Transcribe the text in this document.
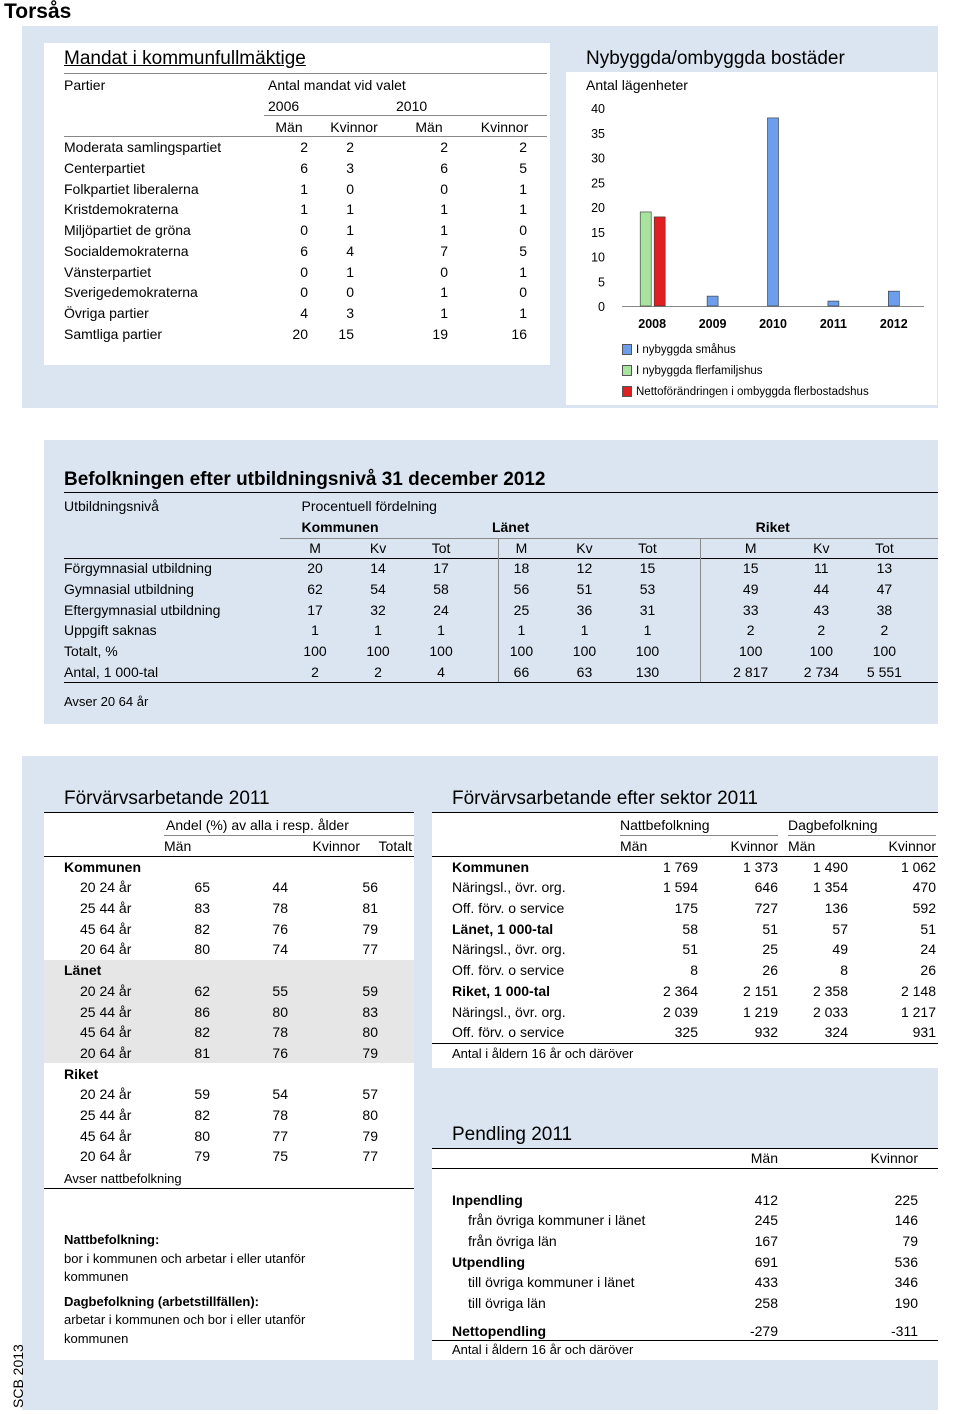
Torsås
Mandat i kommunfullmäktige
Partier	Antal mandat vid valet			
	2006		2010	
	Män	Kvinnor	Män	Kvinnor
Moderata samlingspartiet	2	2	2	2
Centerpartiet	6	3	6	5
Folkpartiet liberalerna	1	0	0	1
Kristdemokraterna	1	1	1	1
Miljöpartiet de gröna	0	1	1	0
Socialdemokraterna	6	4	7	5
Vänsterpartiet	0	1	0	1
Sverigedemokraterna	0	0	1	0
Övriga partier	4	3	1	1
Samtliga partier	20	15	19	16
Nybyggda/ombyggda bostäder
Antal lägenheter
0
5
10
15
20
25
30
35
40
2008	2009	2010	2011	2012
I nybyggda småhus
I nybyggda flerfamiljshus
Nettoförändringen i ombyggda flerbostadshus
Befolkningen efter utbildningsnivå 31 december 2012
Utbildningsnivå	Procentuell fördelning										
	Kommunen				Länet				Riket		
	M	Kv	Tot		M	Kv	Tot		M	Kv	Tot
Förgymnasial utbildning	20	14	17		18	12	15		15	11	13
Gymnasial utbildning	62	54	58		56	51	53		49	44	47
Eftergymnasial utbildning	17	32	24		25	36	31		33	43	38
Uppgift saknas	1	1	1		1	1	1		2	2	2
Totalt, %	100	100	100		100	100	100		100	100	100
Antal, 1 000-tal	2	2	4		66	63	130		2 817	2 734	5 551
Avser 20 64 år
Förvärvsarbetande 2011
	Andel (%) av alla i resp. ålder			
	Män		Kvinnor	Totalt
Kommunen				
20 24 år	65	44	56	
25 44 år	83	78	81	
45 64 år	82	76	79	
20 64 år	80	74	77	
Länet				
20 24 år	62	55	59	
25 44 år	86	80	83	
45 64 år	82	78	80	
20 64 år	81	76	79	
Riket				
20 24 år	59	54	57	
25 44 år	82	78	80	
45 64 år	80	77	79	
20 64 år	79	75	77	
Avser nattbefolkning
Nattbefolkning:
bor i kommunen och arbetar i eller utanför
kommunen
Dagbefolkning (arbetstillfällen):
arbetar i kommunen och bor i eller utanför
kommunen
Förvärvsarbetande efter sektor 2011
	Nattbefolkning		Dagbefolkning	
	Män	Kvinnor	Män	Kvinnor
Kommunen	1 769	1 373	1 490	1 062
Näringsl., övr. org.	1 594	646	1 354	470
Off. förv. o service	175	727	136	592
Länet, 1 000-tal	58	51	57	51
Näringsl., övr. org.	51	25	49	24
Off. förv. o service	8	26	8	26
Riket, 1 000-tal	2 364	2 151	2 358	2 148
Näringsl., övr. org.	2 039	1 219	2 033	1 217
Off. förv. o service	325	932	324	931
Antal i åldern 16 år och däröver
Pendling 2011
	Män	Kvinnor

Inpendling	412	225
från övriga kommuner i länet	245	146
från övriga län	167	79
Utpendling	691	536
till övriga kommuner i länet	433	346
till övriga län	258	190
Nettopendling	-279	-311
Antal i åldern 16 år och däröver
SCB 2013
